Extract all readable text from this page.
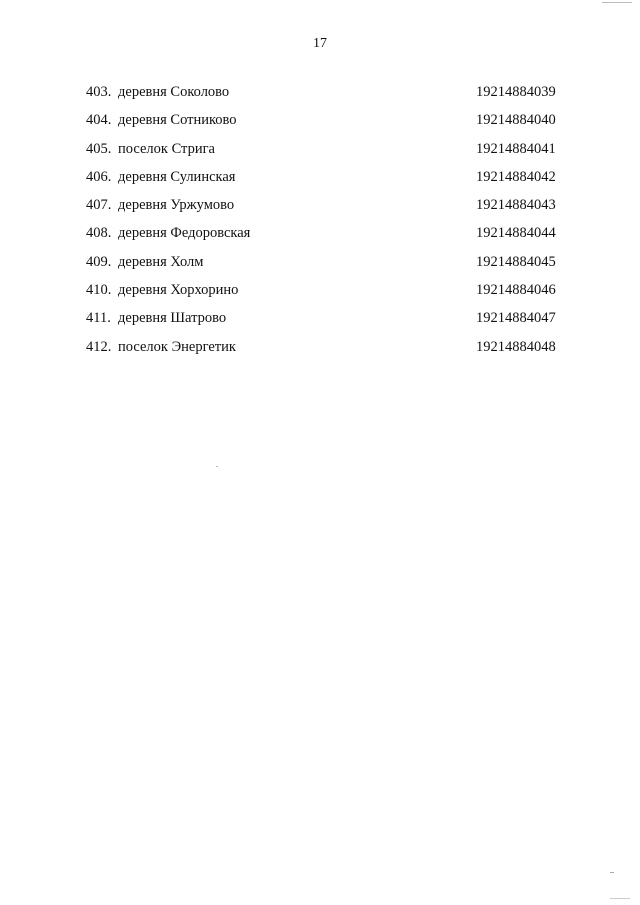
17
403. деревня Соколово	19214884039
404. деревня Сотниково	19214884040
405. поселок Стрига	19214884041
406. деревня Сулинская	19214884042
407. деревня Уржумово	19214884043
408. деревня Федоровская	19214884044
409. деревня Холм	19214884045
410. деревня Хорхорино	19214884046
411. деревня Шатрово	19214884047
412. поселок Энергетик	19214884048
